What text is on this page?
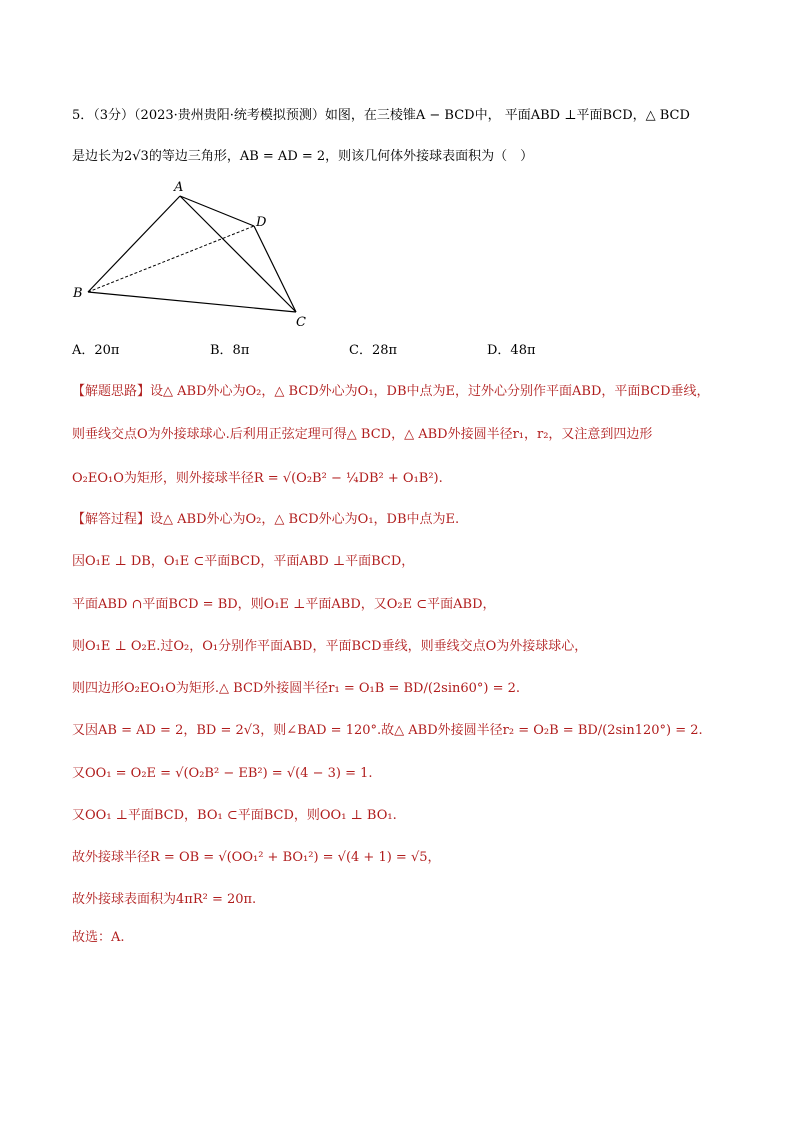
5．（3分）（2023·贵州贵阳·统考模拟预测）如图，在三棱锥A − BCD中， 平面ABD ⊥平面BCD，△ BCD
是边长为2√3的等边三角形，AB = AD = 2，则该几何体外接球表面积为（　）
A
D
B
C
A．20π	B．8π	C．28π	D．48π
【解题思路】设△ ABD外心为O₂，△ BCD外心为O₁，DB中点为E，过外心分别作平面ABD，平面BCD垂线，
则垂线交点O为外接球球心.后利用正弦定理可得△ BCD，△ ABD外接圆半径r₁，r₂，又注意到四边形
O₂EO₁O为矩形，则外接球半径R = √(O₂B² − ¼DB² + O₁B²).
【解答过程】设△ ABD外心为O₂，△ BCD外心为O₁，DB中点为E.
因O₁E ⊥ DB，O₁E ⊂平面BCD，平面ABD ⊥平面BCD，
平面ABD ∩平面BCD = BD，则O₁E ⊥平面ABD，又O₂E ⊂平面ABD，
则O₁E ⊥ O₂E.过O₂，O₁分别作平面ABD，平面BCD垂线，则垂线交点O为外接球球心，
则四边形O₂EO₁O为矩形.△ BCD外接圆半径r₁ = O₁B = BD/(2sin60°) = 2.
又因AB = AD = 2，BD = 2√3，则∠BAD = 120°.故△ ABD外接圆半径r₂ = O₂B = BD/(2sin120°) = 2.
又OO₁ = O₂E = √(O₂B² − EB²) = √(4 − 3) = 1.
又OO₁ ⊥平面BCD，BO₁ ⊂平面BCD，则OO₁ ⊥ BO₁.
故外接球半径R = OB = √(OO₁² + BO₁²) = √(4 + 1) = √5，
故外接球表面积为4πR² = 20π.
故选：A.
